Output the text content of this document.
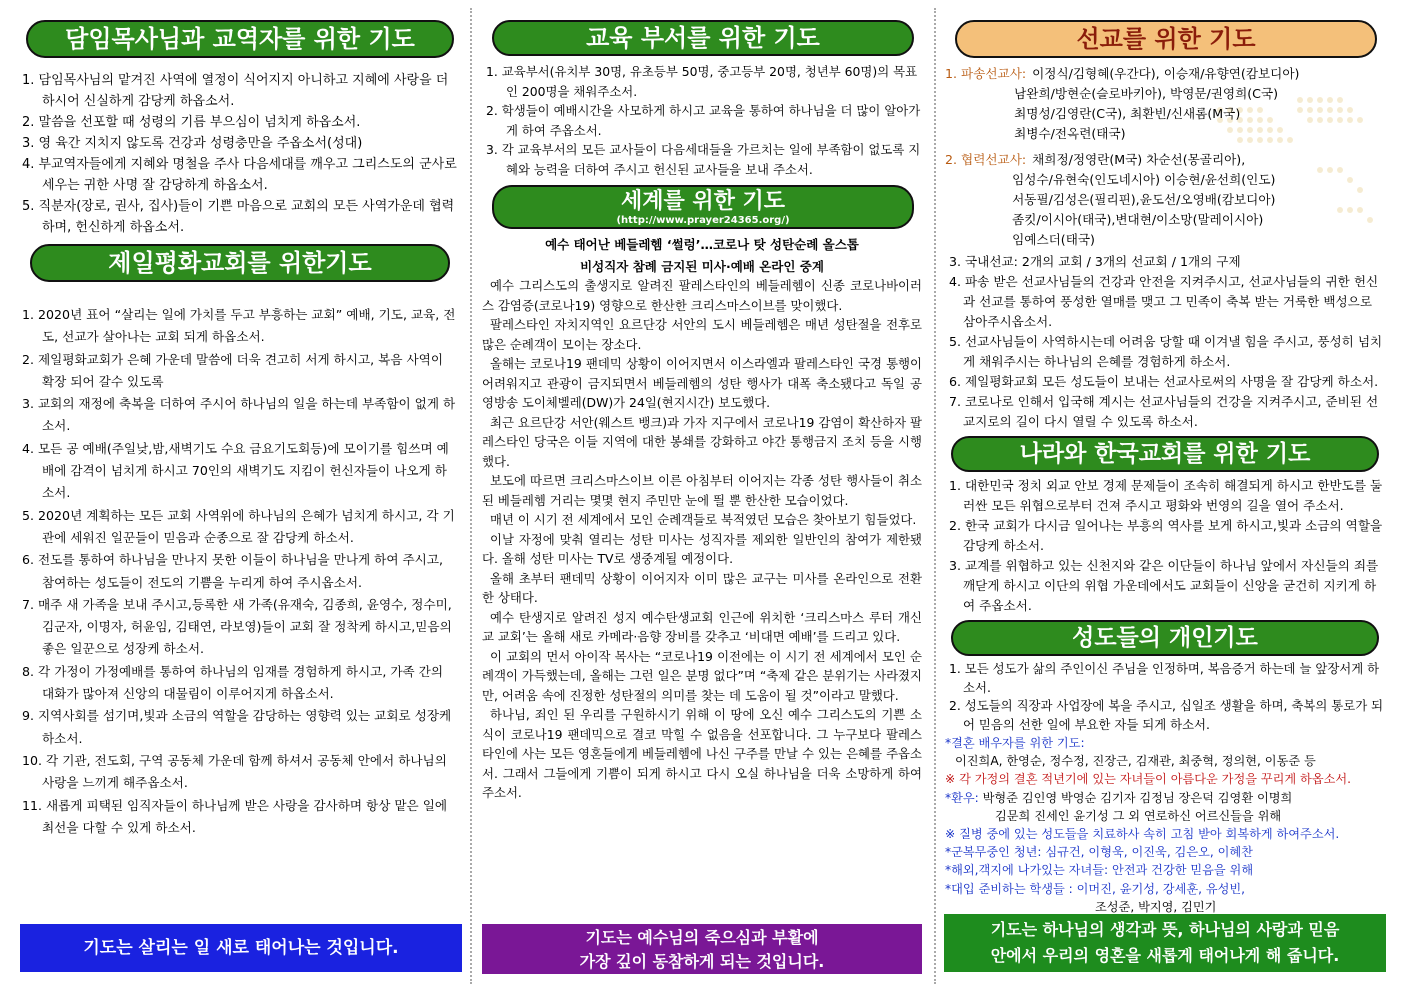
담임목사님과 교역자를 위한 기도
1. 담임목사님의 맡겨진 사역에 열정이 식어지지 아니하고 지혜에 사랑을 더하시어 신실하게 감당케 하옵소서.
2. 말씀을 선포할 때 성령의 기름 부으심이 넘치게 하옵소서.
3. 영 육간 지치지 않도록 건강과 성령충만을 주옵소서(성대)
4. 부교역자들에게 지혜와 명철을 주사 다음세대를 깨우고 그리스도의 군사로 세우는 귀한 사명 잘 감당하게 하옵소서.
5. 직분자(장로, 권사, 집사)들이 기쁜 마음으로 교회의 모든 사역가운데 협력하며, 헌신하게 하옵소서.
제일평화교회를 위한기도
1. 2020년 표어 “살리는 일에 가치를 두고 부흥하는 교회” 예배, 기도, 교육, 전도, 선교가 살아나는 교회 되게 하옵소서.
2. 제일평화교회가 은혜 가운데 말씀에 더욱 견고히 서게 하시고, 복음 사역이 확장 되어 갈수 있도록
3. 교회의 재정에 축복을 더하여 주시어 하나님의 일을 하는데 부족함이 없게 하소서.
4. 모든 공 예배(주일낮,밤,새벽기도 수요 금요기도회등)에 모이기를 힘쓰며 예배에 감격이 넘치게 하시고 70인의 새벽기도 지킴이 헌신자들이 나오게 하소서.
5. 2020년 계획하는 모든 교회 사역위에 하나님의 은혜가 넘치게 하시고, 각 기관에 세워진 일꾼들이 믿음과 순종으로 잘 감당케 하소서.
6. 전도를 통하여 하나님을 만나지 못한 이들이 하나님을 만나게 하여 주시고, 참여하는 성도들이 전도의 기쁨을 누리게 하여 주시옵소서.
7. 매주 새 가족을 보내 주시고,등록한 새 가족(유재숙, 김종희, 윤영수, 정수미, 김군자, 이명자, 허윤임, 김태연, 라보영)들이 교회 잘 정착케 하시고,믿음의 좋은 일꾼으로 성장케 하소서.
8. 각 가정이 가정예배를 통하여 하나님의 임재를 경험하게 하시고, 가족 간의 대화가 많아져 신앙의 대물림이 이루어지게 하옵소서.
9. 지역사회를 섬기며,빛과 소금의 역할을 감당하는 영향력 있는 교회로 성장케 하소서.
10. 각 기관, 전도회, 구역 공동체 가운데 함께 하셔서 공동체 안에서 하나님의 사랑을 느끼게 해주옵소서.
11. 새롭게 피택된 임직자들이 하나님께 받은 사랑을 감사하며 항상 맡은 일에 최선을 다할 수 있게 하소서.
기도는 살리는 일 새로 태어나는 것입니다.
교육 부서를 위한 기도
1. 교육부서(유치부 30명, 유초등부 50명, 중고등부 20명, 청년부 60명)의 목표인 200명을 채워주소서.
2. 학생들이 예배시간을 사모하게 하시고 교육을 통하여 하나님을 더 많이 알아가게 하여 주옵소서.
3. 각 교육부서의 모든 교사들이 다음세대들을 가르치는 일에 부족함이 없도록 지혜와 능력을 더하여 주시고 헌신된 교사들을 보내 주소서.
세계를 위한 기도
(http://www.prayer24365.org/)
예수 태어난 베들레헴 ‘썰렁’…코로나 탓 성탄순례 올스톱
비성직자 참례 금지된 미사·예배 온라인 중계

예수 그리스도의 출생지로 알려진 팔레스타인의 베들레헴이 신종 코로나바이러스 감염증(코로나19) 영향으로 한산한 크리스마스이브를 맞이했다.

팔레스타인 자치지역인 요르단강 서안의 도시 베들레헴은 매년 성탄절을 전후로 많은 순례객이 모이는 장소다.

올해는 코로나19 팬데믹 상황이 이어지면서 이스라엘과 팔레스타인 국경 통행이 어려워지고 관광이 금지되면서 베들레헴의 성탄 행사가 대폭 축소됐다고 독일 공영방송 도이체벨레(DW)가 24일(현지시간) 보도했다.

최근 요르단강 서안(웨스트 뱅크)과 가자 지구에서 코로나19 감염이 확산하자 팔레스타인 당국은 이들 지역에 대한 봉쇄를 강화하고 야간 통행금지 조치 등을 시행했다.

보도에 따르면 크리스마스이브 이른 아침부터 이어지는 각종 성탄 행사들이 취소된 베들레헴 거리는 몇몇 현지 주민만 눈에 띌 뿐 한산한 모습이었다.

매년 이 시기 전 세계에서 모인 순례객들로 북적였던 모습은 찾아보기 힘들었다.

이날 자정에 맞춰 열리는 성탄 미사는 성직자를 제외한 일반인의 참여가 제한됐다. 올해 성탄 미사는 TV로 생중계될 예정이다.

올해 초부터 팬데믹 상황이 이어지자 이미 많은 교구는 미사를 온라인으로 전환한 상태다.

예수 탄생지로 알려진 성지 예수탄생교회 인근에 위치한 ‘크리스마스 루터 개신교 교회’는 올해 새로 카메라·음향 장비를 갖추고 ‘비대면 예배’를 드리고 있다.

이 교회의 먼서 아이작 목사는 “코로나19 이전에는 이 시기 전 세계에서 모인 순례객이 가득했는데, 올해는 그런 일은 분명 없다”며 “축제 같은 분위기는 사라졌지만, 어려움 속에 진정한 성탄절의 의미를 찾는 데 도움이 될 것”이라고 말했다.

하나님, 죄인 된 우리를 구원하시기 위해 이 땅에 오신 예수 그리스도의 기쁜 소식이 코로나19 팬데믹으로 결코 막힐 수 없음을 선포합니다. 그 누구보다 팔레스타인에 사는 모든 영혼들에게 베들레헴에 나신 구주를 만날 수 있는 은혜를 주옵소서. 그래서 그들에게 기쁨이 되게 하시고 다시 오실 하나님을 더욱 소망하게 하여 주소서.

기도는 예수님의 죽으심과 부활에
가장 깊이 동참하게 되는 것입니다.
선교를 위한 기도
1. 파송선교사: 이정식/김형혜(우간다), 이승재/유향연(캄보디아)
남완희/방현순(슬로바키아), 박영문/권영희(C국)
최명성/김영란(C국), 최환빈/신새롬(M국)
최병수/전옥련(태국)
2. 협력선교사: 채희정/정영란(M국) 차순선(몽골리아),
임성수/유현숙(인도네시아) 이승현/윤선희(인도)
서동필/김성은(필리핀),윤도선/오영배(캄보디아)
좀킷/이시아(태국),변대현/이소망(말레이시아)
임예스더(태국)
3. 국내선교: 2개의 교회 / 3개의 선교회 / 1개의 구제
4. 파송 받은 선교사님들의 건강과 안전을 지켜주시고, 선교사님들의 귀한 헌신과 선교를 통하여 풍성한 열매를 맺고 그 민족이 축복 받는 거룩한 백성으로 삼아주시옵소서.
5. 선교사님들이 사역하시는데 어려움 당할 때 이겨낼 힘을 주시고, 풍성히 넘치게 채워주시는 하나님의 은혜를 경험하게 하소서.
6. 제일평화교회 모든 성도들이 보내는 선교사로써의 사명을 잘 감당케 하소서.
7. 코로나로 인해서 입국해 계시는 선교사님들의 건강을 지켜주시고, 준비된 선교지로의 길이 다시 열릴 수 있도록 하소서.
나라와 한국교회를 위한 기도
1. 대한민국 정치 외교 안보 경제 문제들이 조속히 해결되게 하시고 한반도를 둘러싼 모든 위협으로부터 건져 주시고 평화와 번영의 길을 열어 주소서.
2. 한국 교회가 다시금 일어나는 부흥의 역사를 보게 하시고,빛과 소금의 역할을 감당케 하소서.
3. 교계를 위협하고 있는 신천지와 같은 이단들이 하나님 앞에서 자신들의 죄를 깨닫게 하시고 이단의 위협 가운데에서도 교회들이 신앙을 굳건히 지키게 하여 주옵소서.
성도들의 개인기도
1. 모든 성도가 삶의 주인이신 주님을 인정하며, 복음증거 하는데 늘 앞장서게 하소서.
2. 성도들의 직장과 사업장에 복을 주시고, 십일조 생활을 하며, 축복의 통로가 되어 믿음의 선한 일에 부요한 자들 되게 하소서.
*결혼 배우자를 위한 기도:
이진희A, 한영순, 정수정, 진장근, 김재관, 최중혁, 정의현, 이동준 등
※ 각 가정의 결혼 적년기에 있는 자녀들이 아름다운 가정을 꾸리게 하옵소서.
*환우: 박형준 김인영 박영순 김기자 김정님 장은덕 김영환 이명희
김문희 진세인 윤기성 그 외 연로하신 어르신들을 위해
※ 질병 중에 있는 성도들을 치료하사 속히 고침 받아 회복하게 하여주소서.
*군복무중인 청년: 심규건, 이형욱, 이진욱, 김은오, 이혜찬
*해외,객지에 나가있는 자녀들: 안전과 건강한 믿음을 위해
*대입 준비하는 학생들 : 이머진, 윤기성, 강세훈, 유성빈,
조성준, 박지영, 김민기
기도는 하나님의 생각과 뜻, 하나님의 사랑과 믿음
안에서 우리의 영혼을 새롭게 태어나게 해 줍니다.
